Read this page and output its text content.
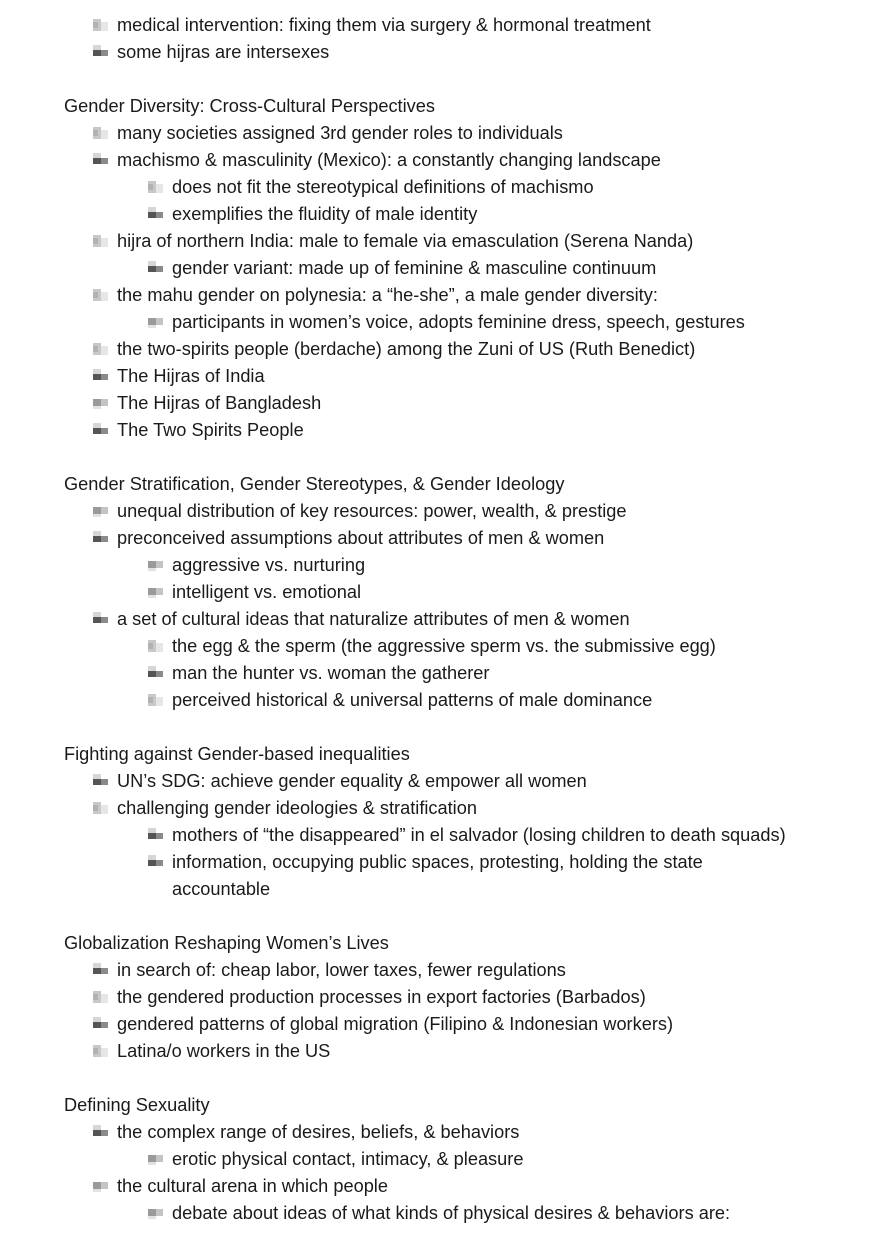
medical intervention: fixing them via surgery & hormonal treatment
some hijras are intersexes
Gender Diversity: Cross-Cultural Perspectives
many societies assigned 3rd gender roles to individuals
machismo & masculinity (Mexico): a constantly changing landscape
does not fit the stereotypical definitions of machismo
exemplifies the fluidity of male identity
hijra of northern India: male to female via emasculation (Serena Nanda)
gender variant: made up of feminine & masculine continuum
the mahu gender on polynesia: a “he-she”, a male gender diversity:
participants in women’s voice, adopts feminine dress, speech, gestures
the two-spirits people (berdache) among the Zuni of US (Ruth Benedict)
The Hijras of India
The Hijras of Bangladesh
The Two Spirits People
Gender Stratification, Gender Stereotypes, & Gender Ideology
unequal distribution of key resources: power, wealth, & prestige
preconceived assumptions about attributes of men & women
aggressive vs. nurturing
intelligent vs. emotional
a set of cultural ideas that naturalize attributes of men & women
the egg & the sperm (the aggressive sperm vs. the submissive egg)
man the hunter vs. woman the gatherer
perceived historical & universal patterns of male dominance
Fighting against Gender-based inequalities
UN’s SDG: achieve gender equality & empower all women
challenging gender ideologies & stratification
mothers of “the disappeared” in el salvador (losing children to death squads)
information, occupying public spaces, protesting, holding the state accountable
Globalization Reshaping Women’s Lives
in search of: cheap labor, lower taxes, fewer regulations
the gendered production processes in export factories (Barbados)
gendered patterns of global migration (Filipino & Indonesian workers)
Latina/o workers in the US
Defining Sexuality
the complex range of desires, beliefs, & behaviors
erotic physical contact, intimacy, & pleasure
the cultural arena in which people
debate about ideas of what kinds of physical desires & behaviors are:
